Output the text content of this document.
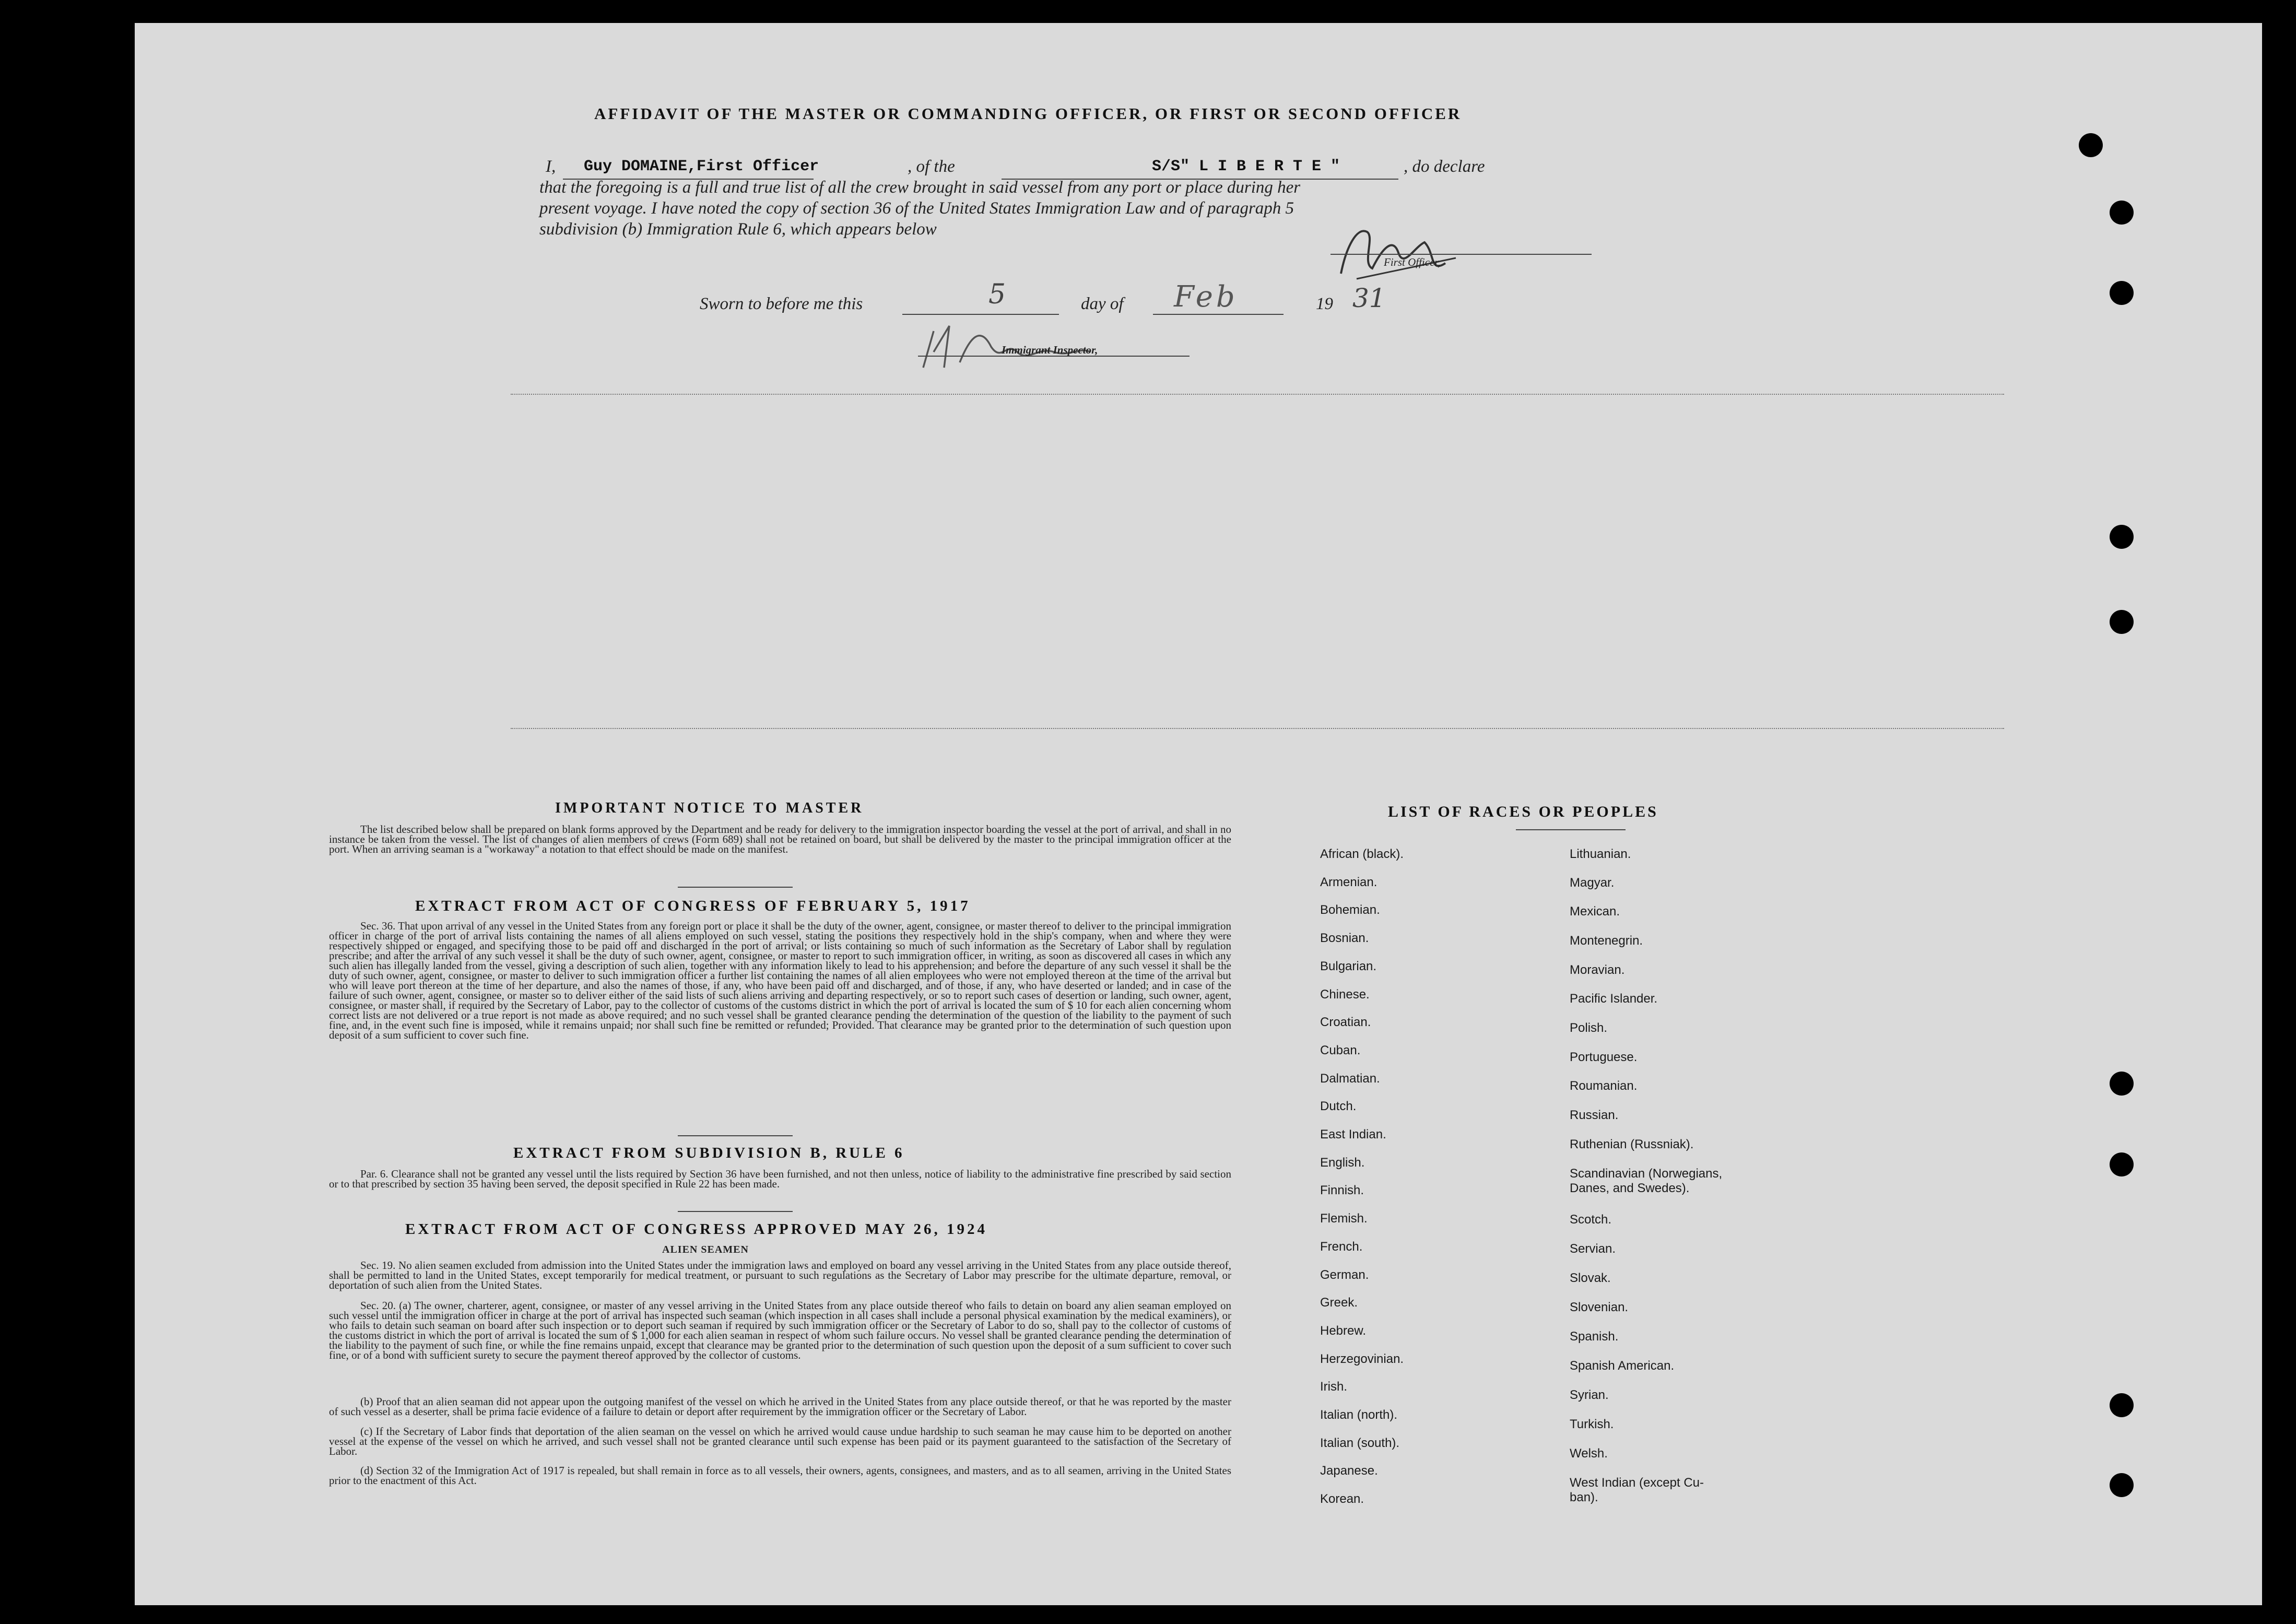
AFFIDAVIT OF THE MASTER OR COMMANDING OFFICER, OR FIRST OR SECOND OFFICER
I, Guy DOMAINE,First Officer	, of the	S/S" L I B E R T E "	, do declare
that the foregoing is a full and true list of all the crew brought in said vessel from any port or place during her
present voyage. I have noted the copy of section 36 of the United States Immigration Law and of paragraph 5
subdivision (b) Immigration Rule 6, which appears below
First Officer,
Sworn to before me this	5	day of Feb	19 31
Immigrant Inspector,
IMPORTANT NOTICE TO MASTER
The list described below shall be prepared on blank forms approved by the Department and be ready for delivery to the immigration inspector boarding the vessel at the port of arrival, and shall in no instance be taken from the vessel. The list of changes of alien members of crews (Form 689) shall not be retained on board, but shall be delivered by the master to the principal immigration officer at the port. When an arriving seaman is a "workaway" a notation to that effect should be made on the manifest.
EXTRACT FROM ACT OF CONGRESS OF FEBRUARY 5, 1917
Sec. 36. That upon arrival of any vessel in the United States from any foreign port or place it shall be the duty of the owner, agent, consignee, or master thereof to deliver to the principal immigration officer in charge of the port of arrival lists containing the names of all aliens employed on such vessel, stating the positions they respectively hold in the ship's company, when and where they were respectively shipped or engaged, and specifying those to be paid off and discharged in the port of arrival; or lists containing so much of such information as the Secretary of Labor shall by regulation prescribe; and after the arrival of any such vessel it shall be the duty of such owner, agent, consignee, or master to report to such immigration officer, in writing, as soon as discovered all cases in which any such alien has illegally landed from the vessel, giving a description of such alien, together with any information likely to lead to his apprehension; and before the departure of any such vessel it shall be the duty of such owner, agent, consignee, or master to deliver to such immigration officer a further list containing the names of all alien employees who were not employed thereon at the time of the arrival but who will leave port thereon at the time of her departure, and also the names of those, if any, who have been paid off and discharged, and of those, if any, who have deserted or landed; and in case of the failure of such owner, agent, consignee, or master so to deliver either of the said lists of such aliens arriving and departing respectively, or so to report such cases of desertion or landing, such owner, agent, consignee, or master shall, if required by the Secretary of Labor, pay to the collector of customs of the customs district in which the port of arrival is located the sum of $ 10 for each alien concerning whom correct lists are not delivered or a true report is not made as above required; and no such vessel shall be granted clearance pending the determination of the question of the liability to the payment of such fine, and, in the event such fine is imposed, while it remains unpaid; nor shall such fine be remitted or refunded; Provided. That clearance may be granted prior to the determination of such question upon deposit of a sum sufficient to cover such fine.
EXTRACT FROM SUBDIVISION B, RULE 6
Par. 6. Clearance shall not be granted any vessel until the lists required by Section 36 have been furnished, and not then unless, notice of liability to the administrative fine prescribed by said section or to that prescribed by section 35 having been served, the deposit specified in Rule 22 has been made.
EXTRACT FROM ACT OF CONGRESS APPROVED MAY 26, 1924
ALIEN SEAMEN
Sec. 19. No alien seamen excluded from admission into the United States under the immigration laws and employed on board any vessel arriving in the United States from any place outside thereof, shall be permitted to land in the United States, except temporarily for medical treatment, or pursuant to such regulations as the Secretary of Labor may prescribe for the ultimate departure, removal, or deportation of such alien from the United States.
Sec. 20. (a) The owner, charterer, agent, consignee, or master of any vessel arriving in the United States from any place outside thereof who fails to detain on board any alien seaman employed on such vessel until the immigration officer in charge at the port of arrival has inspected such seaman (which inspection in all cases shall include a personal physical examination by the medical examiners), or who fails to detain such seaman on board after such inspection or to deport such seaman if required by such immigration officer or the Secretary of Labor to do so, shall pay to the collector of customs of the customs district in which the port of arrival is located the sum of $ 1,000 for each alien seaman in respect of whom such failure occurs. No vessel shall be granted clearance pending the determination of the liability to the payment of such fine, or while the fine remains unpaid, except that clearance may be granted prior to the determination of such question upon the deposit of a sum sufficient to cover such fine, or of a bond with sufficient surety to secure the payment thereof approved by the collector of customs.
(b) Proof that an alien seaman did not appear upon the outgoing manifest of the vessel on which he arrived in the United States from any place outside thereof, or that he was reported by the master of such vessel as a deserter, shall be prima facie evidence of a failure to detain or deport after requirement by the immigration officer or the Secretary of Labor.
(c) If the Secretary of Labor finds that deportation of the alien seaman on the vessel on which he arrived would cause undue hardship to such seaman he may cause him to be deported on another vessel at the expense of the vessel on which he arrived, and such vessel shall not be granted clearance until such expense has been paid or its payment guaranteed to the satisfaction of the Secretary of Labor.
(d) Section 32 of the Immigration Act of 1917 is repealed, but shall remain in force as to all vessels, their owners, agents, consignees, and masters, and as to all seamen, arriving in the United States prior to the enactment of this Act.
LIST OF RACES OR PEOPLES
African (black).
Armenian.
Bohemian.
Bosnian.
Bulgarian.
Chinese.
Croatian.
Cuban.
Dalmatian.
Dutch.
East Indian.
English.
Finnish.
Flemish.
French.
German.
Greek.
Hebrew.
Herzegovinian.
Irish.
Italian (north).
Italian (south).
Japanese.
Korean.
Lithuanian.
Magyar.
Mexican.
Montenegrin.
Moravian.
Pacific Islander.
Polish.
Portuguese.
Roumanian.
Russian.
Ruthenian (Russniak).
Scandinavian (Norwegians,
Danes, and Swedes).
Scotch.
Servian.
Slovak.
Slovenian.
Spanish.
Spanish American.
Syrian.
Turkish.
Welsh.
West Indian (except Cu-
ban).
